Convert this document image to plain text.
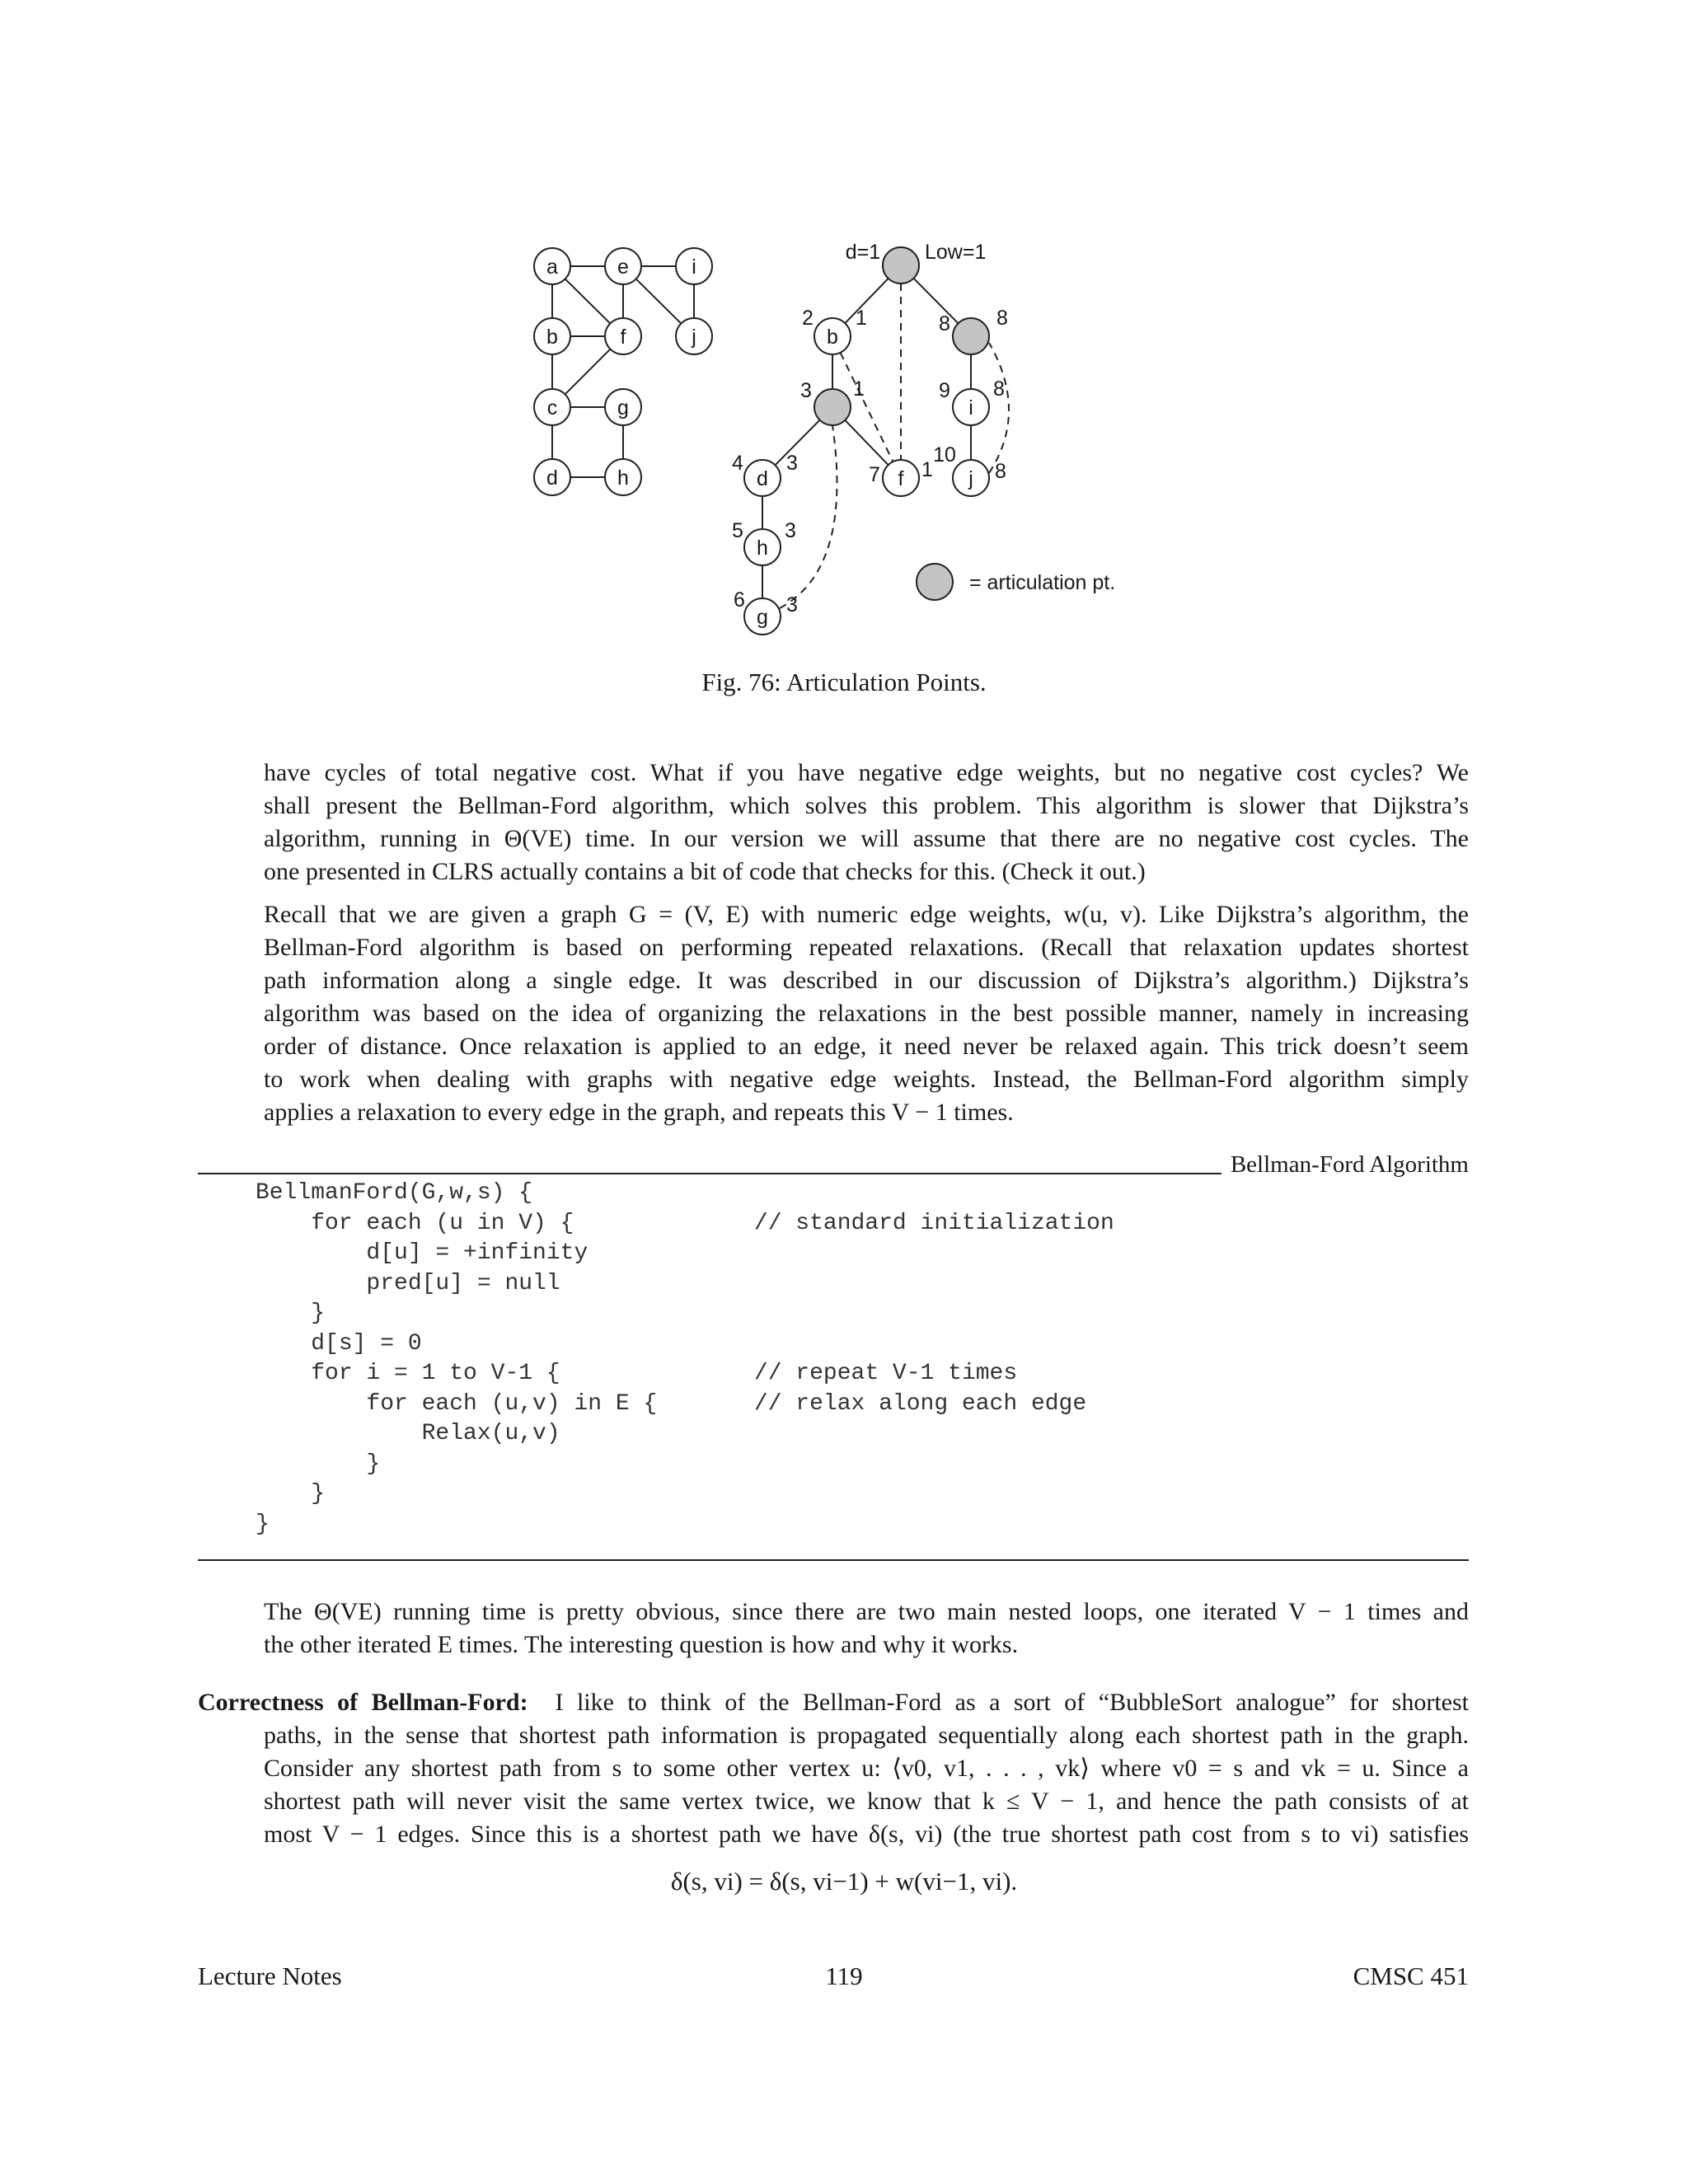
a
b
c
d
e
f
g
h
i
j	b
2 1	8 8
3 1
i
9 8
d
4 3
f
7 1 j
10
8
h
5 3
g
6 3
d=1 Low=1
= articulation pt.
Fig. 76: Articulation Points.

have cycles of total negative cost. What if you have negative edge weights, but no negative cost cycles? We
shall present the Bellman-Ford algorithm, which solves this problem. This algorithm is slower that Dijkstra’s
algorithm, running in Θ(VE) time. In our version we will assume that there are no negative cost cycles. The
one presented in CLRS actually contains a bit of code that checks for this. (Check it out.)

Recall that we are given a graph G = (V, E) with numeric edge weights, w(u, v). Like Dijkstra’s algorithm, the
Bellman-Ford algorithm is based on performing repeated relaxations. (Recall that relaxation updates shortest
path information along a single edge. It was described in our discussion of Dijkstra’s algorithm.) Dijkstra’s
algorithm was based on the idea of organizing the relaxations in the best possible manner, namely in increasing
order of distance. Once relaxation is applied to an edge, it need never be relaxed again. This trick doesn’t seem
to work when dealing with graphs with negative edge weights. Instead, the Bellman-Ford algorithm simply
applies a relaxation to every edge in the graph, and repeats this V − 1 times.

Bellman-Ford Algorithm
BellmanFord(G,w,s) {
for each (u in V) {             // standard initialization
d[u] = +infinity
pred[u] = null
}
d[s] = 0
for i = 1 to V-1 {              // repeat V-1 times
for each (u,v) in E {       // relax along each edge
Relax(u,v)
}
}
}

The Θ(VE) running time is pretty obvious, since there are two main nested loops, one iterated V − 1 times and
the other iterated E times. The interesting question is how and why it works.

Correctness of Bellman-Ford: I like to think of the Bellman-Ford as a sort of “BubbleSort analogue” for shortest
paths, in the sense that shortest path information is propagated sequentially along each shortest path in the graph.
Consider any shortest path from s to some other vertex u: ⟨v0, v1, . . . , vk⟩ where v0 = s and vk = u. Since a
shortest path will never visit the same vertex twice, we know that k ≤ V − 1, and hence the path consists of at
most V − 1 edges. Since this is a shortest path we have δ(s, vi) (the true shortest path cost from s to vi) satisfies
δ(s, vi) = δ(s, vi−1) + w(vi−1, vi).
Lecture Notes	119	CMSC 451
